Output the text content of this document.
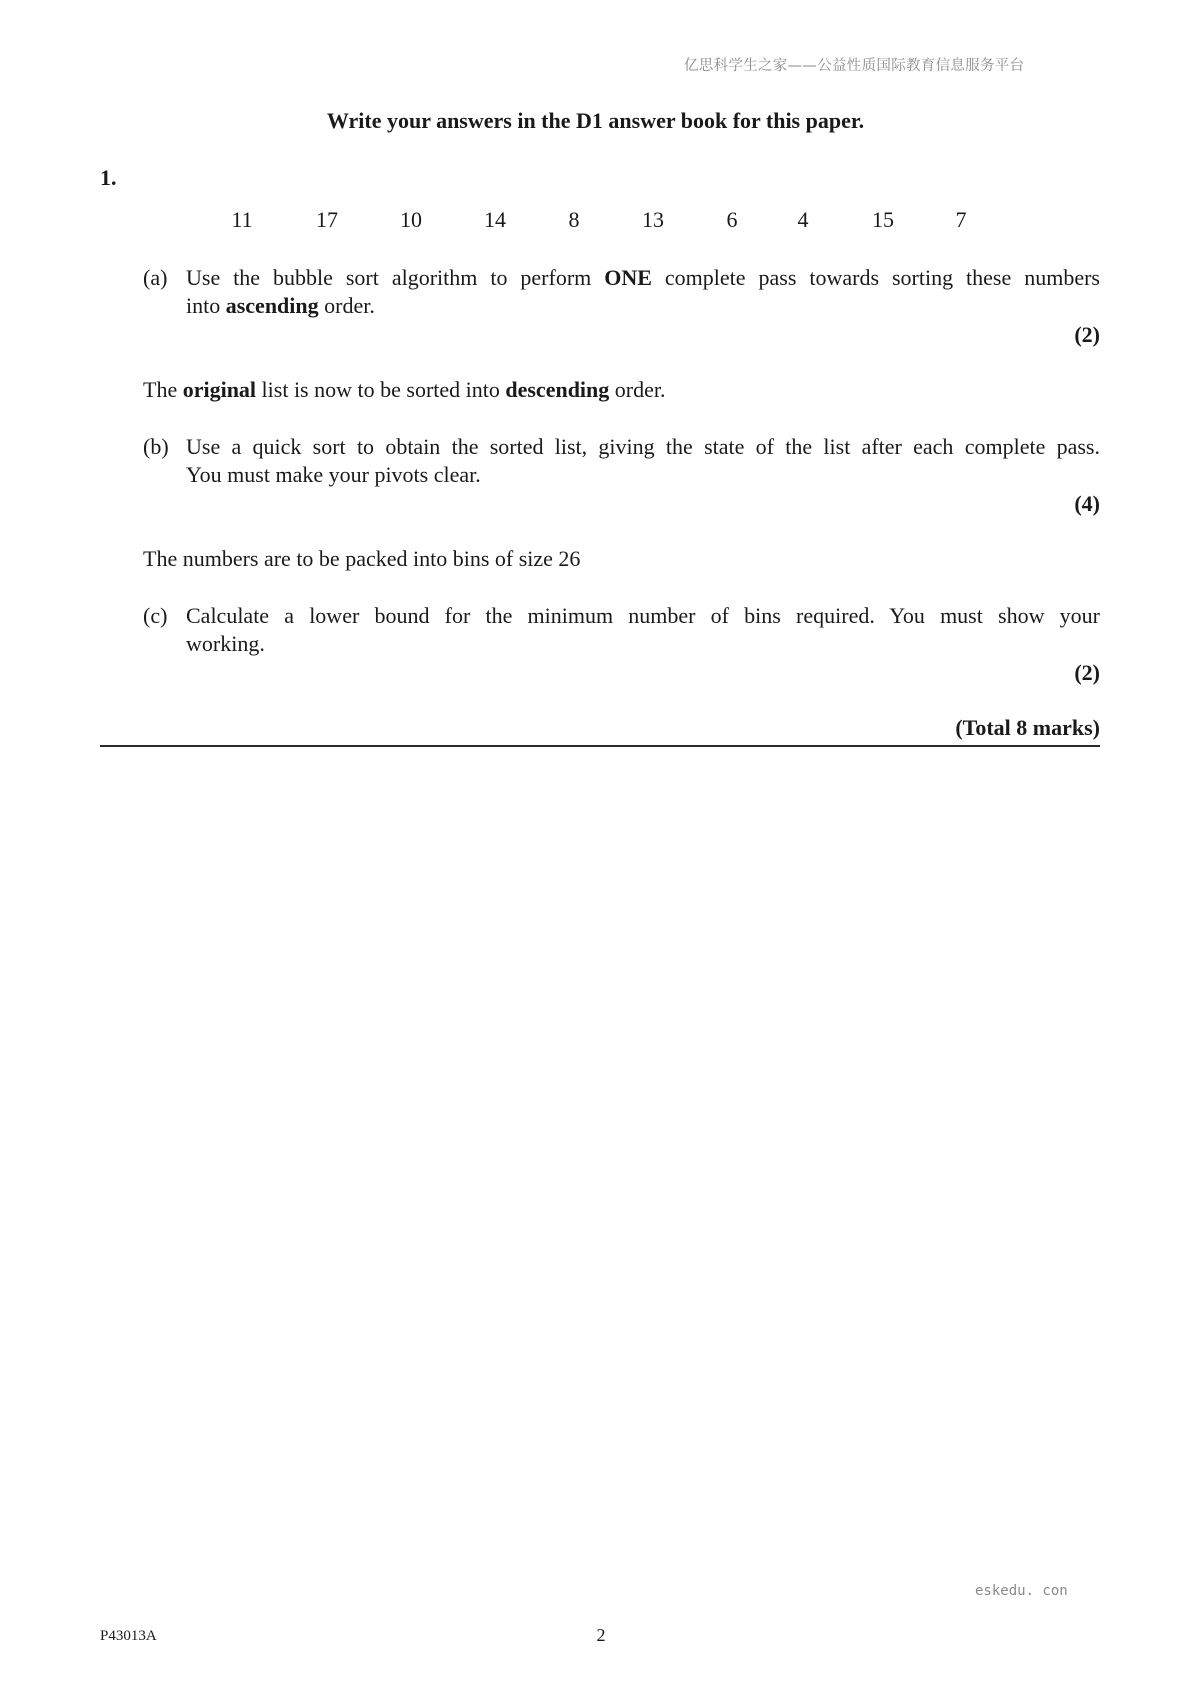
亿思科学生之家——公益性质国际教育信息服务平台
Write your answers in the D1 answer book for this paper.
1.
11	17	10	14	8	13	6	4	15	7
(a) Use the bubble sort algorithm to perform ONE complete pass towards sorting these numbers
into ascending order.
(2)
The original list is now to be sorted into descending order.
(b) Use a quick sort to obtain the sorted list, giving the state of the list after each complete pass.
You must make your pivots clear.
(4)
The numbers are to be packed into bins of size 26
(c) Calculate a lower bound for the minimum number of bins required. You must show your
working.
(2)
(Total 8 marks)
eskedu. con
P43013A	2
